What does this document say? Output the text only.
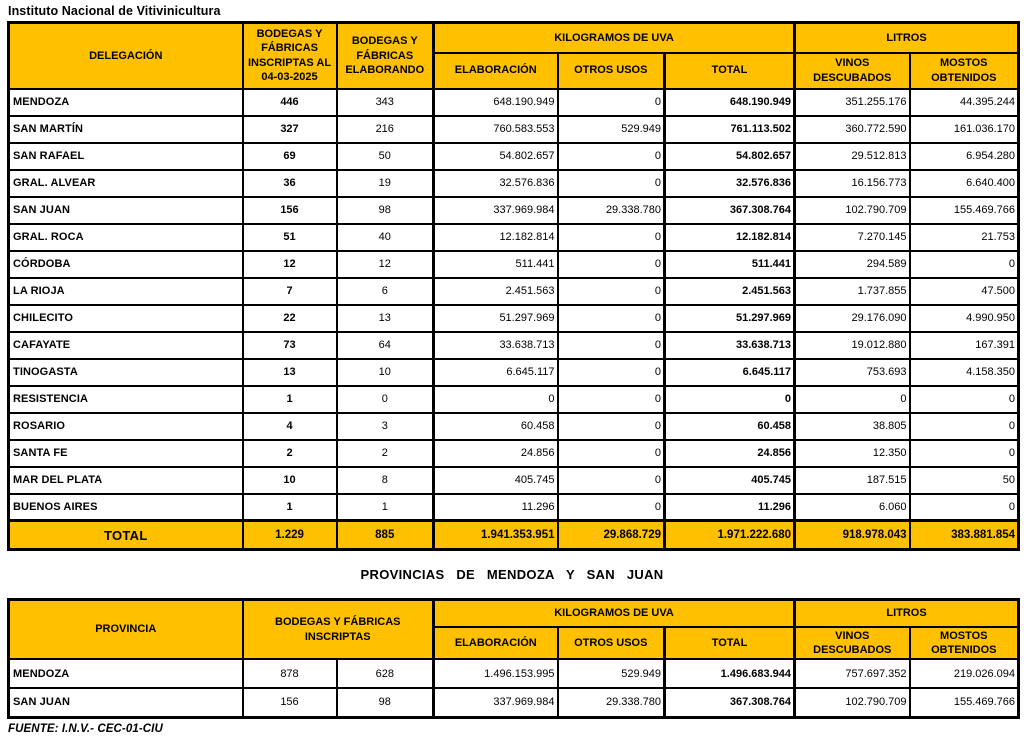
Instituto Nacional de Vitivinicultura
DELEGACIÓN	BODEGAS Y FÁBRICAS INSCRIPTAS AL 04-03-2025	BODEGAS Y FÁBRICAS ELABORANDO	KILOGRAMOS DE UVA			LITROS	
			ELABORACIÓN	OTROS USOS	TOTAL	VINOS DESCUBADOS	MOSTOS OBTENIDOS
MENDOZA	446	343	648.190.949	0	648.190.949	351.255.176	44.395.244
SAN MARTÍN	327	216	760.583.553	529.949	761.113.502	360.772.590	161.036.170
SAN RAFAEL	69	50	54.802.657	0	54.802.657	29.512.813	6.954.280
GRAL. ALVEAR	36	19	32.576.836	0	32.576.836	16.156.773	6.640.400
SAN JUAN	156	98	337.969.984	29.338.780	367.308.764	102.790.709	155.469.766
GRAL. ROCA	51	40	12.182.814	0	12.182.814	7.270.145	21.753
CÓRDOBA	12	12	511.441	0	511.441	294.589	0
LA RIOJA	7	6	2.451.563	0	2.451.563	1.737.855	47.500
CHILECITO	22	13	51.297.969	0	51.297.969	29.176.090	4.990.950
CAFAYATE	73	64	33.638.713	0	33.638.713	19.012.880	167.391
TINOGASTA	13	10	6.645.117	0	6.645.117	753.693	4.158.350
RESISTENCIA	1	0	0	0	0	0	0
ROSARIO	4	3	60.458	0	60.458	38.805	0
SANTA FE	2	2	24.856	0	24.856	12.350	0
MAR DEL PLATA	10	8	405.745	0	405.745	187.515	50
BUENOS AIRES	1	1	11.296	0	11.296	6.060	0
TOTAL	1.229	885	1.941.353.951	29.868.729	1.971.222.680	918.978.043	383.881.854
PROVINCIAS DE MENDOZA Y SAN JUAN
PROVINCIA	BODEGAS Y FÁBRICAS INSCRIPTAS		KILOGRAMOS DE UVA			LITROS	
			ELABORACIÓN	OTROS USOS	TOTAL	VINOS DESCUBADOS	MOSTOS OBTENIDOS
MENDOZA	878	628	1.496.153.995	529.949	1.496.683.944	757.697.352	219.026.094
SAN JUAN	156	98	337.969.984	29.338.780	367.308.764	102.790.709	155.469.766
FUENTE: I.N.V.- CEC-01-CIU
